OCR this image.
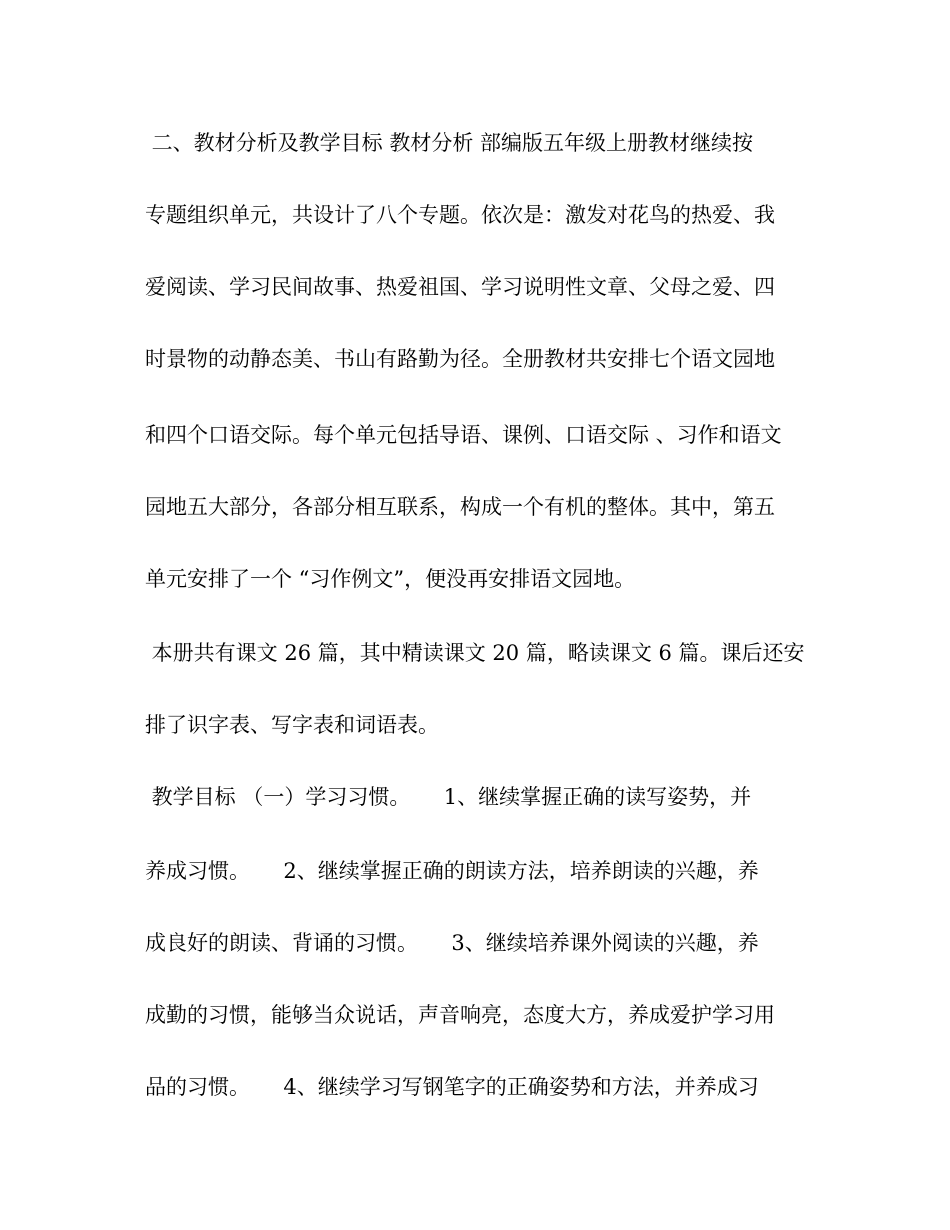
二、教材分析及教学目标 教材分析 部编版五年级上册教材继续按
专题组织单元，共设计了八个专题。依次是：激发对花鸟的热爱、我
爱阅读、学习民间故事、热爱祖国、学习说明性文章、父母之爱、四
时景物的动静态美、书山有路勤为径。全册教材共安排七个语文园地
和四个口语交际。每个单元包括导语、课例、口语交际 、习作和语文
园地五大部分，各部分相互联系，构成一个有机的整体。其中，第五
单元安排了一个 “习作例文”，便没再安排语文园地。
本册共有课文 26 篇，其中精读课文 20 篇，略读课文 6 篇。课后还安
排了识字表、写字表和词语表。
教学目标 （一）学习习惯。     1、继续掌握正确的读写姿势，并
养成习惯。     2、继续掌握正确的朗读方法，培养朗读的兴趣，养
成良好的朗读、背诵的习惯。     3、继续培养课外阅读的兴趣，养
成勤的习惯，能够当众说话，声音响亮，态度大方，养成爱护学习用
品的习惯。     4、继续学习写钢笔字的正确姿势和方法，并养成习
